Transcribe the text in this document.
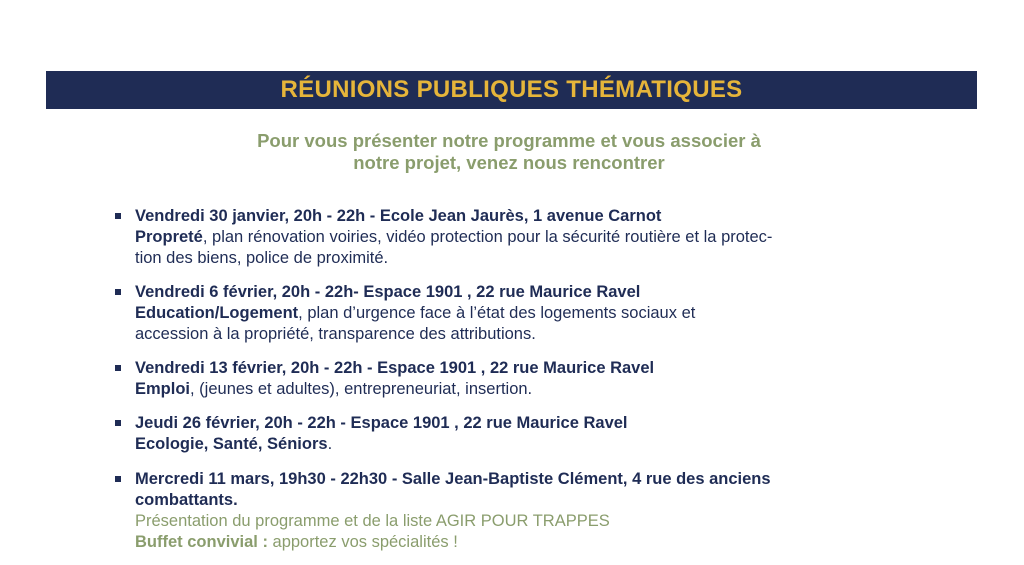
RÉUNIONS PUBLIQUES THÉMATIQUES
Pour vous présenter notre programme et vous associer à
notre projet, venez nous rencontrer
Vendredi 30 janvier, 20h - 22h - Ecole Jean Jaurès, 1 avenue Carnot
Propreté, plan rénovation voiries, vidéo protection pour la sécurité routière et la protec-
tion des biens, police de proximité.
Vendredi 6 février, 20h - 22h- Espace 1901 , 22 rue Maurice Ravel
Education/Logement, plan d’urgence face à l’état des logements sociaux et
accession à la propriété, transparence des attributions.
Vendredi 13 février, 20h - 22h - Espace 1901 , 22 rue Maurice Ravel
Emploi, (jeunes et adultes), entrepreneuriat, insertion.
Jeudi 26 février, 20h - 22h - Espace 1901 , 22 rue Maurice Ravel
Ecologie, Santé, Séniors.
Mercredi 11 mars, 19h30 - 22h30 - Salle Jean-Baptiste Clément, 4 rue des anciens
combattants.
Présentation du programme et de la liste AGIR POUR TRAPPES
Buffet convivial : apportez vos spécialités !
